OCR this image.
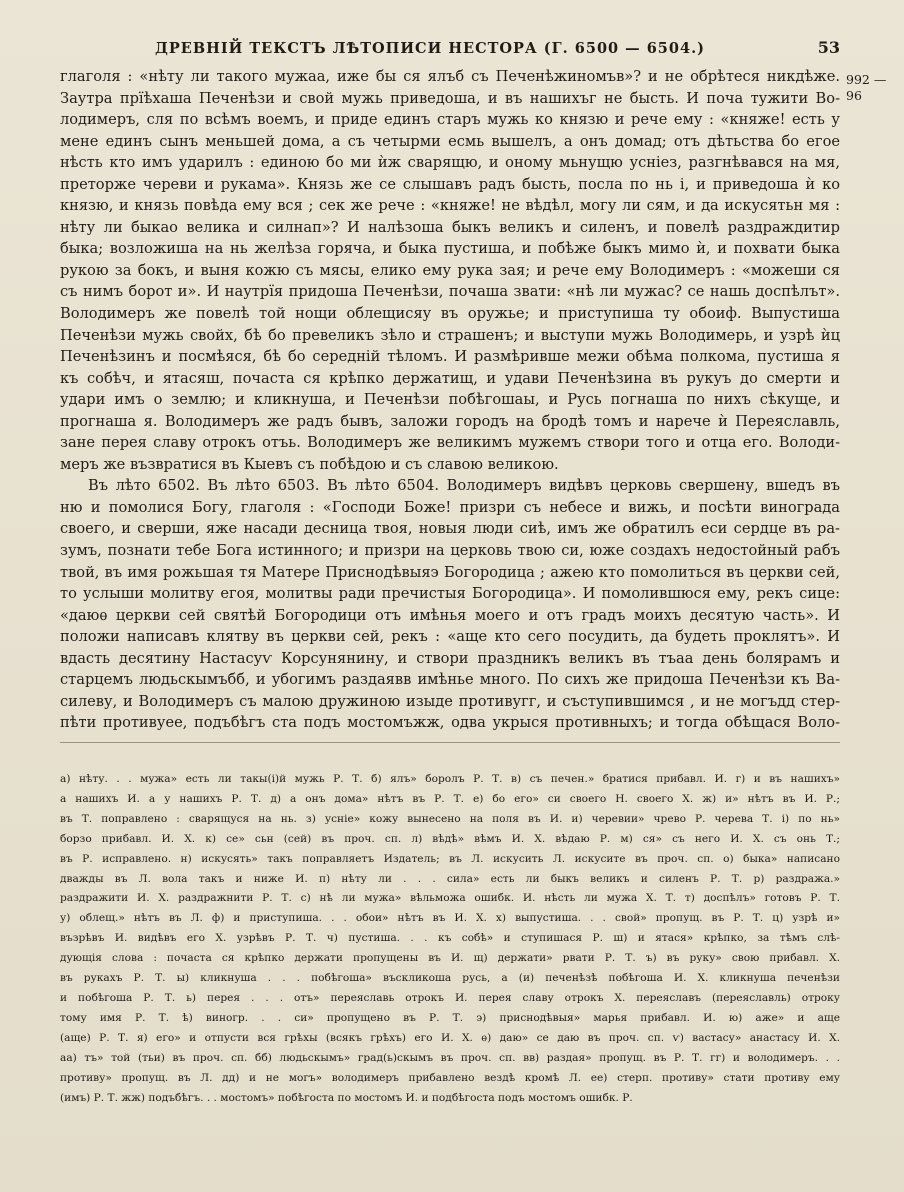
ДРЕВНІЙ ТЕКСТЪ ЛѢТОПИСИ НЕСТОРА (Г. 6500 — 6504.)	53
992 —96

глаголя : «нѣту ли такого мужаа, иже бы ся ялъб съ Печенѣжиномъв»? и не обрѣтеся никдѣже.

Заутра прїѣхаша Печенѣзи и свой мужь приведоша, и въ нашихъг не бысть. И поча тужити Во-

лодимеръ, сля по всѣмъ воемъ, и приде единъ старъ мужь ко князю и рече ему : «княже! есть у

мене единъ сынъ меньшей дома, а съ четырми есмь вышелъ, а онъ домад; отъ дѣтьства бо егое

нѣсть кто имъ ударилъ : единою бо ми ѝж сварящю, и оному мьнущю усніез, разгнѣвався на мя,

преторже череви и рукама». Князь же се слышавъ радъ бысть, посла по нь і, и приведоша ѝ ко

князю, и князь повѣда ему вся ; сек же рече : «княже! не вѣдѣл, могу ли сям, и да искусятьн мя :

нѣту ли быкао велика и силнап»? И налѣзоша быкъ великъ и силенъ, и повелѣ раздраждитир

быка; возложиша на нь желѣза горяча, и быка пустиша, и побѣже быкъ мимо ѝ, и похвати быка

рукою за бокъ, и выня кожю съ мясы, елико ему рука зая; и рече ему Володимеръ : «можеши ся

съ нимъ борот и». И наутрїя придоша Печенѣзи, почаша звати: «нѣ ли мужас? се нашь доспѣлът».

Володимеръ же повелѣ той нощи облещисяу въ оружье; и приступиша ту обоиф. Выпустиша

Печенѣзи мужь свойх, бѣ бо превеликъ зѣло и страшенъ; и выступи мужь Володимерь, и узрѣ ѝц

Печенѣзинъ и посмѣяся, бѣ бо середній тѣломъ. И размѣривше межи обѣма полкома, пустиша я

къ собѣч, и ятасяш, почаста ся крѣпко держатищ, и удави Печенѣзина въ рукуъ до смерти и

удари имъ о землю; и кликнуша, и Печенѣзи побѣгошаы, и Русь погнаша по нихъ сѣкуще, и

прогнаша я. Володимеръ же радъ бывъ, заложи городъ на бродѣ томъ и нарече ѝ Переяславль,

зане перея славу отрокъ отъь. Володимеръ же великимъ мужемъ створи того и отца его. Володи-

меръ же възвратися въ Кыевъ съ побѣдою и съ славою великою.

Въ лѣто 6502. Въ лѣто 6503. Въ лѣто 6504. Володимеръ видѣвъ церковь свершену, вшедъ въ

ню и помолися Богу, глаголя : «Господи Боже! призри съ небесе и вижь, и посѣти винограда

своего, и сверши, яже насади десница твоя, новыя люди сиѣ, имъ же обратилъ еси сердце въ ра-

зумъ, познати тебе Бога истинного; и призри на церковь твою си, юже создахъ недостойный рабъ

твой, въ имя рожьшая тя Матере Приснодѣвыяэ Богородица ; ажею кто помолиться въ церкви сей,

то услыши молитву егоя, молитвы ради пречистыя Богородица». И помолившюся ему, рекъ сице:

«даюѳ церкви сей святѣй Богородици отъ имѣнья моего и отъ градъ моихъ десятую часть». И

положи написавъ клятву въ церкви сей, рекъ : «аще кто сего посудить, да будеть проклятъ». И

вдасть десятину Настасуѵ Корсунянину, и створи праздникъ великъ въ тъаа день болярамъ и

старцемъ людьскымъбб, и убогимъ раздаявв имѣнье много. По сихъ же придоша Печенѣзи къ Ва-

силеву, и Володимеръ съ малою дружиною изыде противугг, и съступившимся , и не могъдд стер-

пѣти противуее, подъбѣгъ ста подъ мостомъжж, одва укрыся противныхъ; и тогда обѣщася Воло-

а) нѣту. . . мужа» есть ли такы(і)й мужь Р. Т. б) ялъ» боролъ Р. Т. в) съ печен.» братися прибавл. И. г) и въ нашихъ»

а нашихъ И. а у нашихъ Р. Т. д) а онъ дома» нѣтъ въ Р. Т. е) бо его» си своего Н. своего Х. ж) и» нѣтъ въ И. Р.;

въ Т. поправлено : сварящуся на нь. з) усніе» кожу вынесено на поля въ И. и) черевии» чрево Р. черева Т. і) по нь»

борзо прибавл. И. Х. к) се» сьн (сей) въ проч. сп. л) вѣдѣ» вѣмъ И. Х. вѣдаю Р. м) ся» съ него И. Х. съ онь Т.;

въ Р. исправлено. н) искусять» такъ поправляетъ Издатель; въ Л. искусить Л. искусите въ проч. сп. о) быка» написано

дважды въ Л. вола такъ и ниже И. п) нѣту ли . . . сила» есть ли быкъ великъ и силенъ Р. Т. р) раздража.»

раздражити И. Х. раздражнити Р. Т. с) нѣ ли мужа» вѣльможа ошибк. И. нѣсть ли мужа Х. Т. т) доспѣлъ» готовъ Р. Т.

у) облещ.» нѣтъ въ Л. ф) и приступиша. . . обои» нѣтъ въ И. Х. х) выпустиша. . . свой» пропущ. въ Р. Т. ц) узрѣ и»

възрѣвъ И. видѣвъ его Х. узрѣвъ Р. Т. ч) пустиша. . . къ собѣ» и ступишася Р. ш) и ятася» крѣпко, за тѣмъ слѣ-

дующія слова : почаста ся крѣпко держати пропущены въ И. щ) держати» рвати Р. Т. ъ) въ руку» свою прибавл. Х.

въ рукахъ Р. Т. ы) кликнуша . . . побѣгоша» въскликоша русь, а (и) печенѣзѣ побѣгоша И. Х. кликнуша печенѣзи

и побѣгоша Р. Т. ь) перея . . . отъ» переяславь отрокъ И. перея славу отрокъ Х. переяславъ (переяславль) отроку

тому имя Р. Т. ѣ) виногр. . . си» пропущено въ Р. Т. э) приснодѣвыя» марья прибавл. И. ю) аже» и аще

(аще) Р. Т. я) его» и отпусти вся грѣхы (всякъ грѣхъ) его И. Х. ѳ) даю» се даю въ проч. сп. ѵ) вастасу» анастасу И. Х.

аа) тъ» той (тьи) въ проч. сп. бб) людьскымъ» град(ь)скымъ въ проч. сп. вв) раздая» пропущ. въ Р. Т. гг) и володимеръ. . .

противу» пропущ. въ Л. дд) и не могъ» володимеръ прибавлено вездѣ кромѣ Л. ее) стерп. противу» стати противу ему

(имъ) Р. Т. жж) подъбѣгъ. . . мостомъ» побѣгоста по мостомъ И. и подбѣгоста подъ мостомъ ошибк. Р.
